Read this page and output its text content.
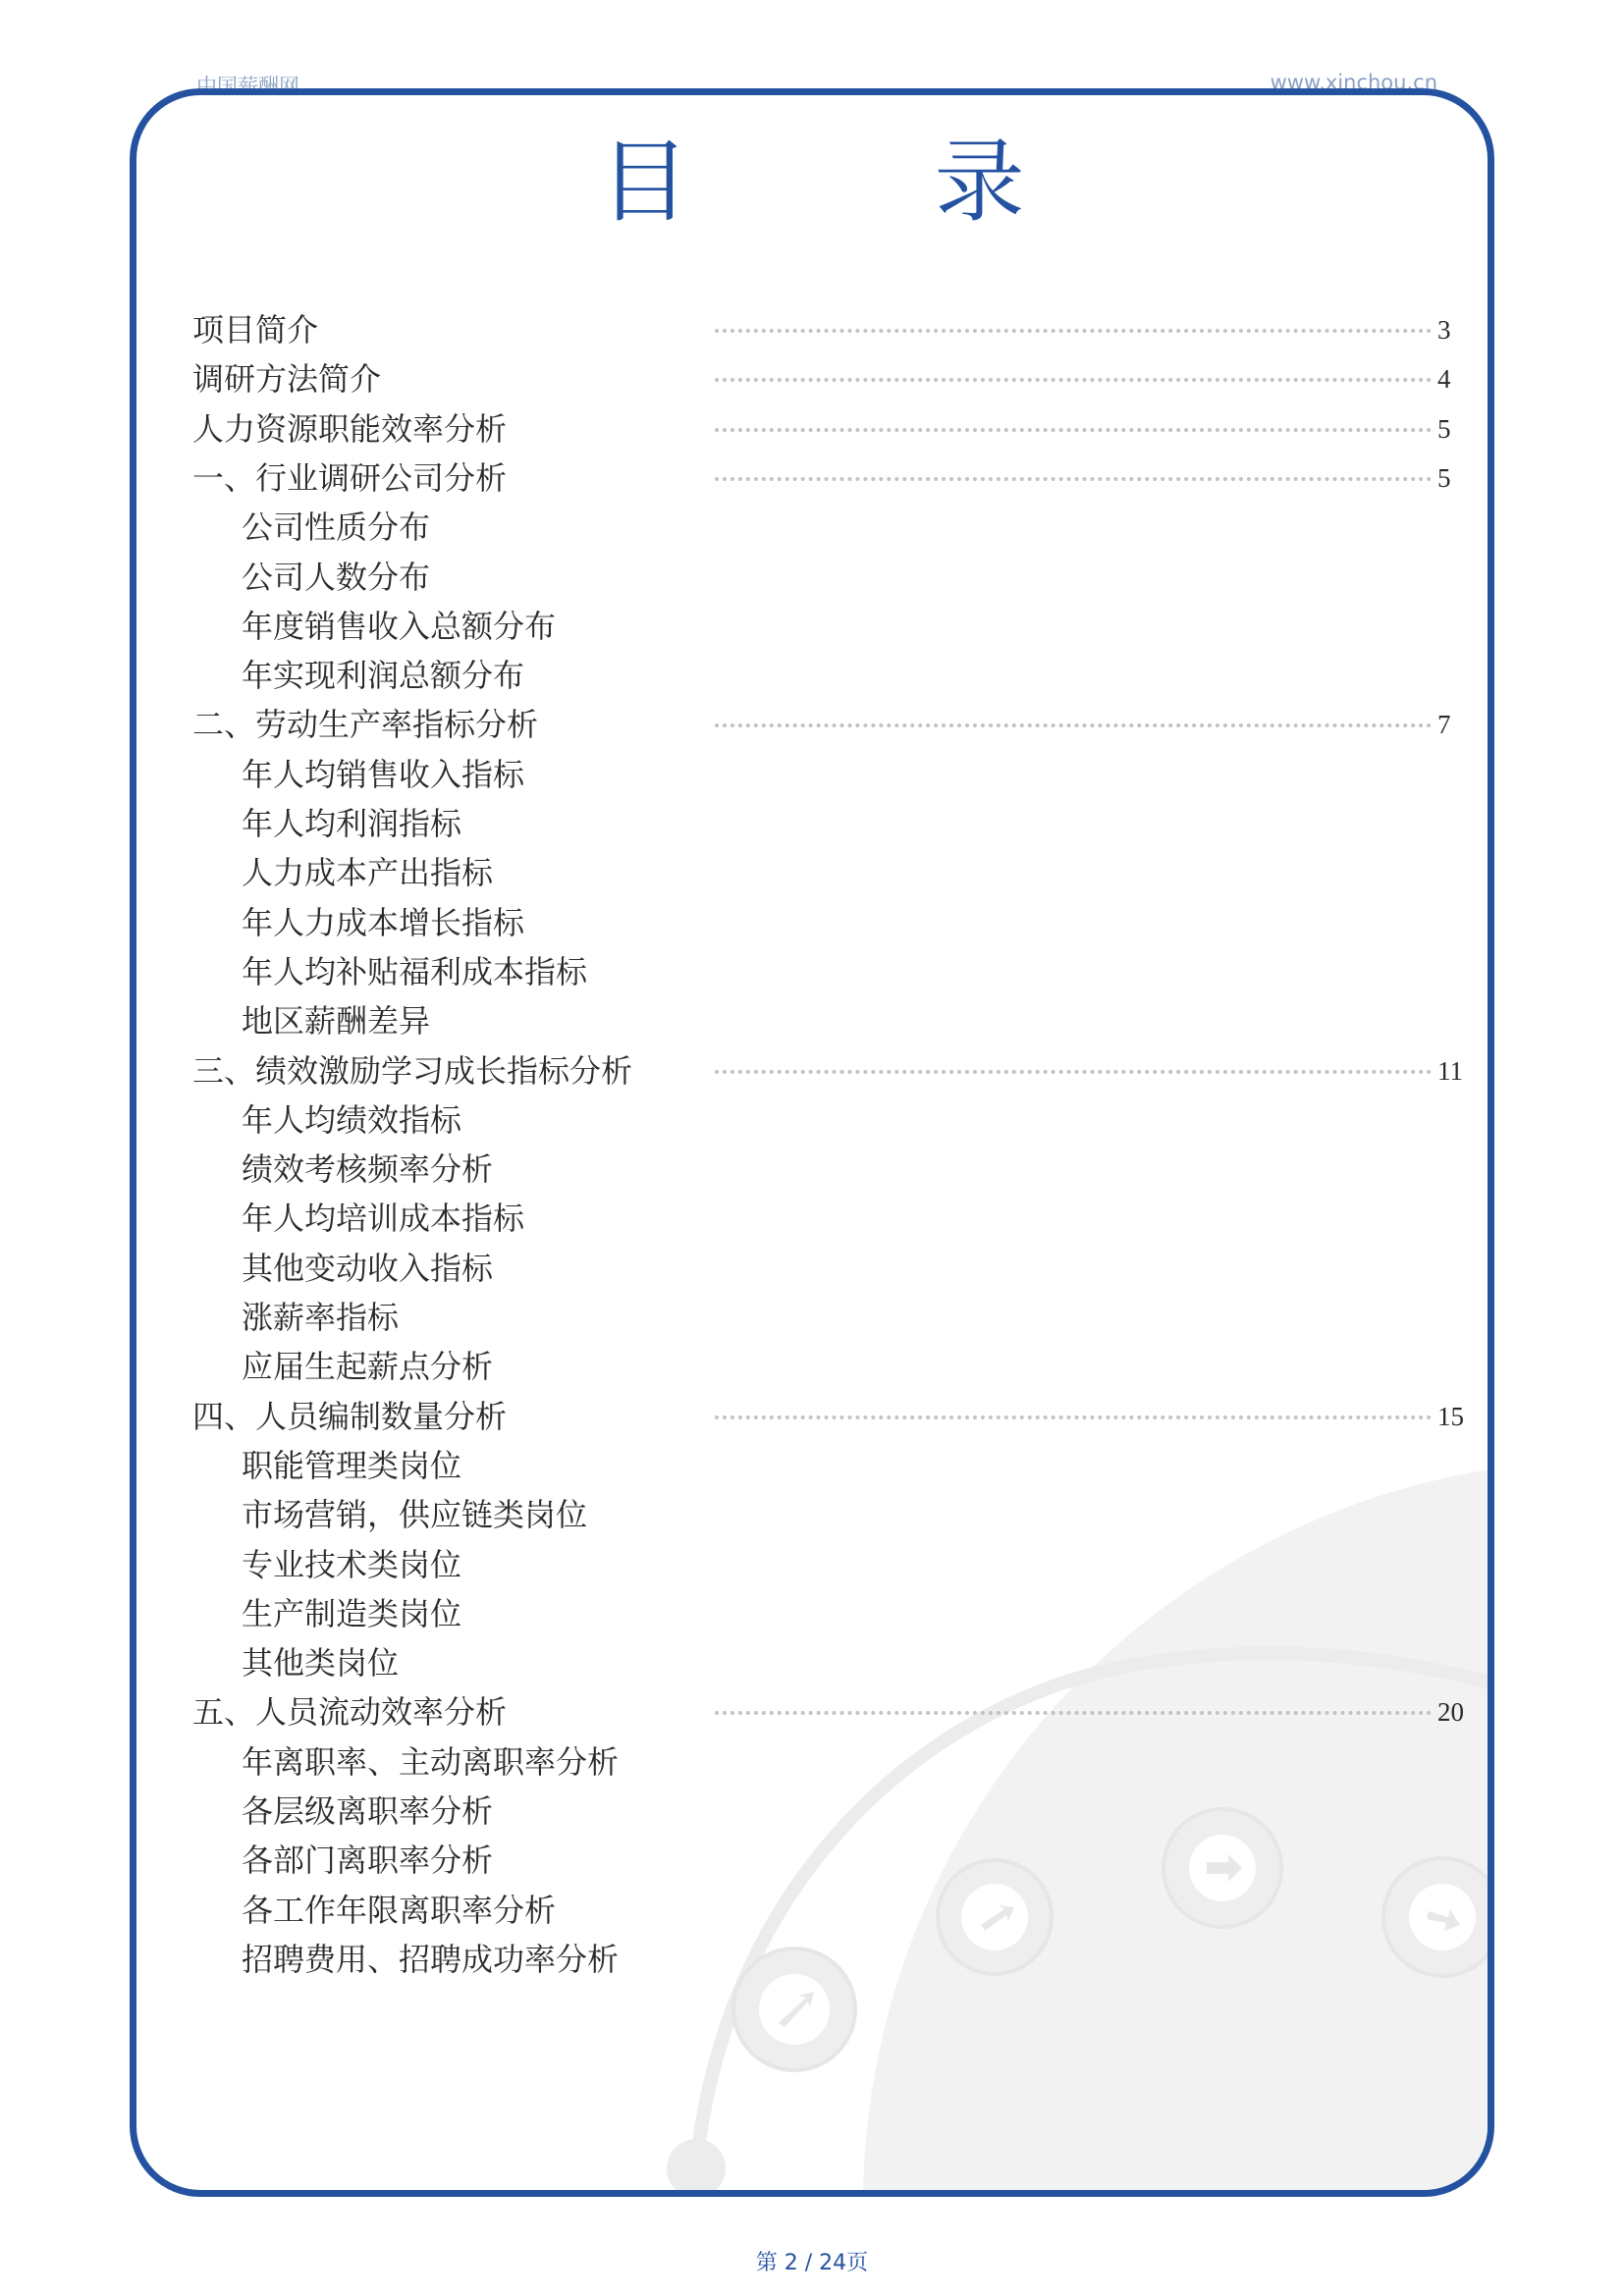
中国薪酬网	www.xinchou.cn
目 录
项目简介	3
调研方法简介	4
人力资源职能效率分析	5
一、行业调研公司分析	5
公司性质分布
公司人数分布
年度销售收入总额分布
年实现利润总额分布
二、劳动生产率指标分析	7
年人均销售收入指标
年人均利润指标
人力成本产出指标
年人力成本增长指标
年人均补贴福利成本指标
地区薪酬差异
三、绩效激励学习成长指标分析	11
年人均绩效指标
绩效考核频率分析
年人均培训成本指标
其他变动收入指标
涨薪率指标
应届生起薪点分析
四、人员编制数量分析	15
职能管理类岗位
市场营销，供应链类岗位
专业技术类岗位
生产制造类岗位
其他类岗位
五、人员流动效率分析	20
年离职率、主动离职率分析
各层级离职率分析
各部门离职率分析
各工作年限离职率分析
招聘费用、招聘成功率分析
第 2 / 24页
